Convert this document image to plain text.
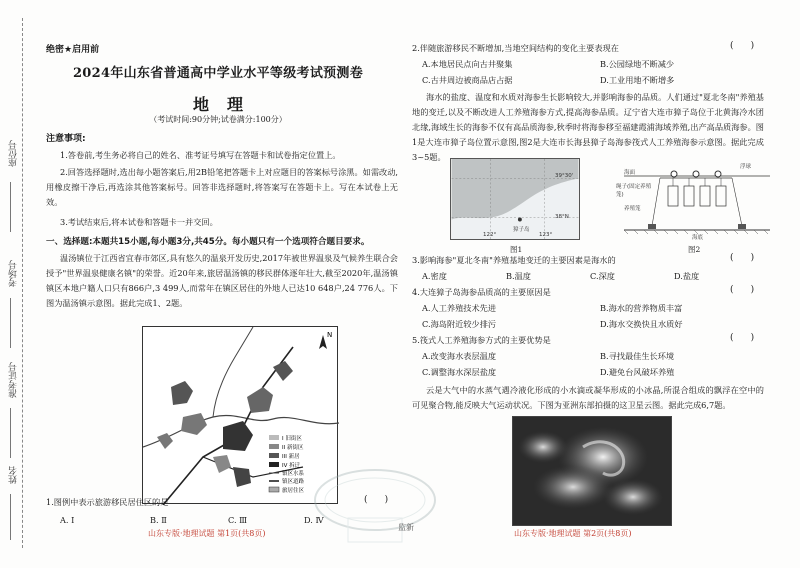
座位号
考场号
准考证号
姓名
绝密★启用前
2024年山东省普通高中学业水平等级考试预测卷
地理
（考试时间:90分钟;试卷满分:100分）
注意事项:
1.答卷前,考生务必将自己的姓名、准考证号填写在答题卡和试卷指定位置上。
2.回答选择题时,选出每小题答案后,用2B铅笔把答题卡上对应题目的答案标号涂黑。如需改动,用橡皮擦干净后,再选涂其他答案标号。回答非选择题时,将答案写在答题卡上。写在本试卷上无效。
3.考试结束后,将本试卷和答题卡一并交回。
一、选择题:本题共15小题,每小题3分,共45分。每小题只有一个选项符合题目要求。
温汤镇位于江西省宜春市郊区,具有悠久的温泉开发历史,2017年被世界温泉及气候养生联合会授予"世界温泉健康名镇"的荣誉。近20年来,旅居温汤镇的移民群体逐年壮大,截至2020年,温汤镇镇区本地户籍人口只有866户,3 499人,而常年在镇区居住的外地人已达10 648户,24 776人。下图为温汤镇示意图。据此完成1、2题。
N
I 旧街区
II 新街区
III 新居
IV 拆迁
镇区水系
镇区道路
旅居住区
1.图例中表示旅游移民居住区的是	(      )
A. Ⅰ	B. Ⅱ	C. Ⅲ	D. Ⅳ
山东专版·地理试题 第1页(共8页)
监新
2.伴随旅游移民不断增加,当地空间结构的变化主要表现在	(      )
A.本地居民点向古井聚集	B.公园绿地不断减少
C.古井周边被商品店占据	D.工业用地不断增多
海水的盐度、温度和水质对海参生长影响较大,并影响海参的品质。人们通过"夏北冬南"养殖基地的变迁,以及不断改进人工养殖海参方式,提高海参品质。辽宁省大连市獐子岛位于北黄海冷水团北缘,海域生长的海参不仅有高品质海参,秋季时将海参移至福建霞浦海域养殖,出产高品质海参。图1是大连市獐子岛位置示意图,图2是大连市长海县獐子岛海参筏式人工养殖海参示意图。据此完成3~5题。
39°30'
38°N
122°	123°
獐子岛
图1
海面
浮球
绳子(固定养殖笼)
养殖笼
海底
图2
3.影响海参"夏北冬南"养殖基地变迁的主要因素是海水的	(      )
A.密度	B.温度	C.深度	D.盐度
4.大连獐子岛海参品质高的主要原因是	(      )
A.人工养殖技术先进	B.海水的营养物质丰富
C.海岛附近较少排污	D.海水交换快且水质好
5.筏式人工养殖海参方式的主要优势是	(      )
A.改变海水表层温度	B.寻找最佳生长环境
C.调整海水深层盐度	D.避免台风破坏养殖
云是大气中的水蒸气遇冷液化形成的小水滴或凝华形成的小冰晶,所混合组成的飘浮在空中的可见聚合物,能反映大气运动状况。下图为亚洲东部拍摄的这卫星云图。据此完成6,7题。
山东专版·地理试题 第2页(共8页)
